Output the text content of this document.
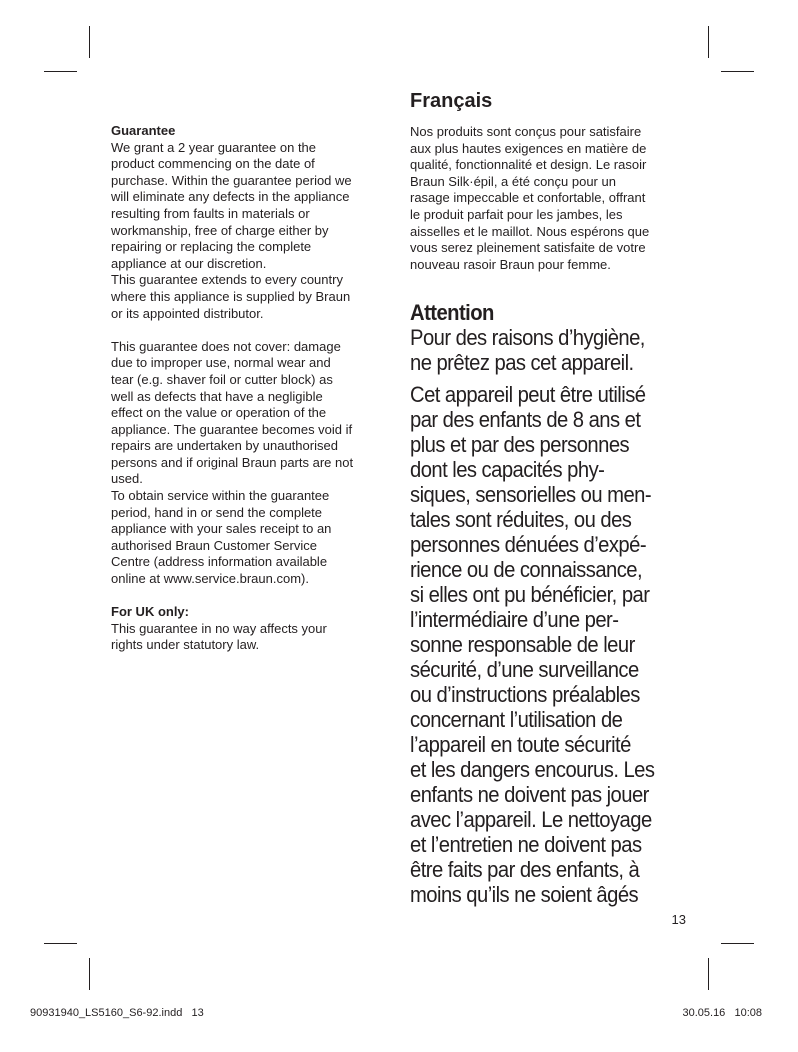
Guarantee

We grant a 2 year guarantee on the

product commencing on the date of

purchase. Within the guarantee period we

will eliminate any defects in the appliance

resulting from faults in materials or

workmanship, free of charge either by

repairing or replacing the complete

appliance at our discretion.

This guarantee extends to every country

where this appliance is supplied by Braun

or its appointed distributor.

This guarantee does not cover: damage

due to improper use, normal wear and

tear (e.g. shaver foil or cutter block) as

well as defects that have a negligible

effect on the value or operation of the

appliance. The guarantee becomes void if

repairs are undertaken by unauthorised

persons and if original Braun parts are not

used.

To obtain service within the guarantee

period, hand in or send the complete

appliance with your sales receipt to an

authorised Braun Customer Service

Centre (address information available

online at www.service.braun.com).

For UK only:

This guarantee in no way affects your

rights under statutory law.

Français

Nos produits sont conçus pour satisfaire

aux plus hautes exigences en matière de

qualité, fonctionnalité et design. Le rasoir

Braun Silk·épil, a été conçu pour un

rasage impeccable et confortable, offrant

le produit parfait pour les jambes, les

aisselles et le maillot. Nous espérons que

vous serez pleinement satisfaite de votre

nouveau rasoir Braun pour femme.

Attention

Pour des raisons d’hygiène,

ne prêtez pas cet appareil.

Cet appareil peut être utilisé

par des enfants de 8 ans et

plus et par des personnes

dont les capacités phy-

siques, sensorielles ou men-

tales sont réduites, ou des

personnes dénuées d’expé-

rience ou de connaissance,

si elles ont pu bénéficier, par

l’intermédiaire d’une per-

sonne responsable de leur

sécurité, d’une surveillance

ou d’instructions préalables

concernant l’utilisation de

l’appareil en toute sécurité

et les dangers encourus. Les

enfants ne doivent pas jouer

avec l’appareil. Le nettoyage

et l’entretien ne doivent pas

être faits par des enfants, à

moins qu’ils ne soient âgés

13
90931940_LS5160_S6-92.indd   13	30.05.16   10:08
